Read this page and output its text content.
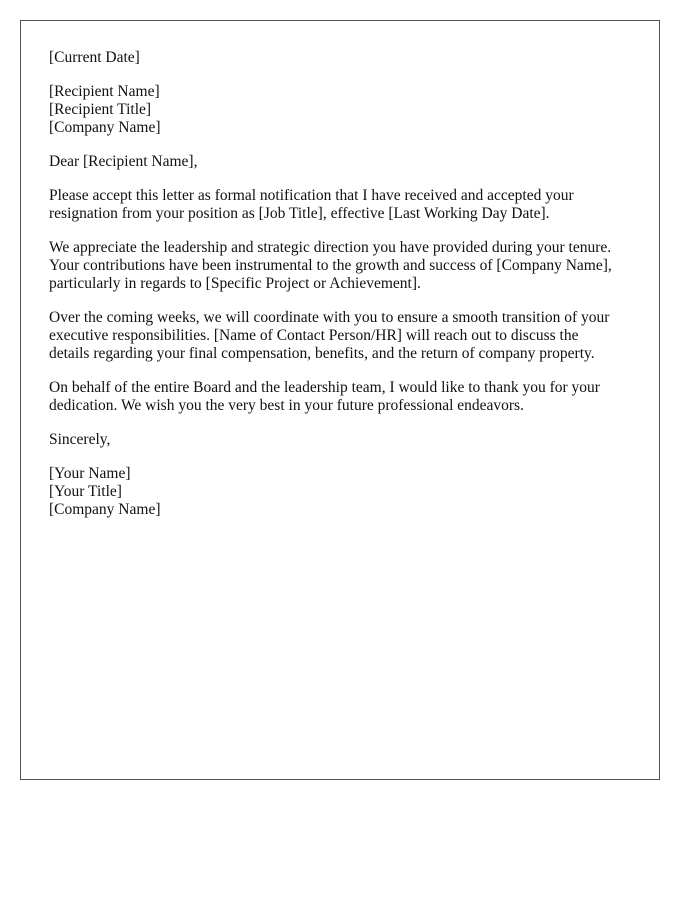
[Current Date]
[Recipient Name]
[Recipient Title]
[Company Name]
Dear [Recipient Name],
Please accept this letter as formal notification that I have received and accepted your
resignation from your position as [Job Title], effective [Last Working Day Date].
We appreciate the leadership and strategic direction you have provided during your tenure.
Your contributions have been instrumental to the growth and success of [Company Name],
particularly in regards to [Specific Project or Achievement].
Over the coming weeks, we will coordinate with you to ensure a smooth transition of your
executive responsibilities. [Name of Contact Person/HR] will reach out to discuss the
details regarding your final compensation, benefits, and the return of company property.
On behalf of the entire Board and the leadership team, I would like to thank you for your
dedication. We wish you the very best in your future professional endeavors.
Sincerely,
[Your Name]
[Your Title]
[Company Name]
